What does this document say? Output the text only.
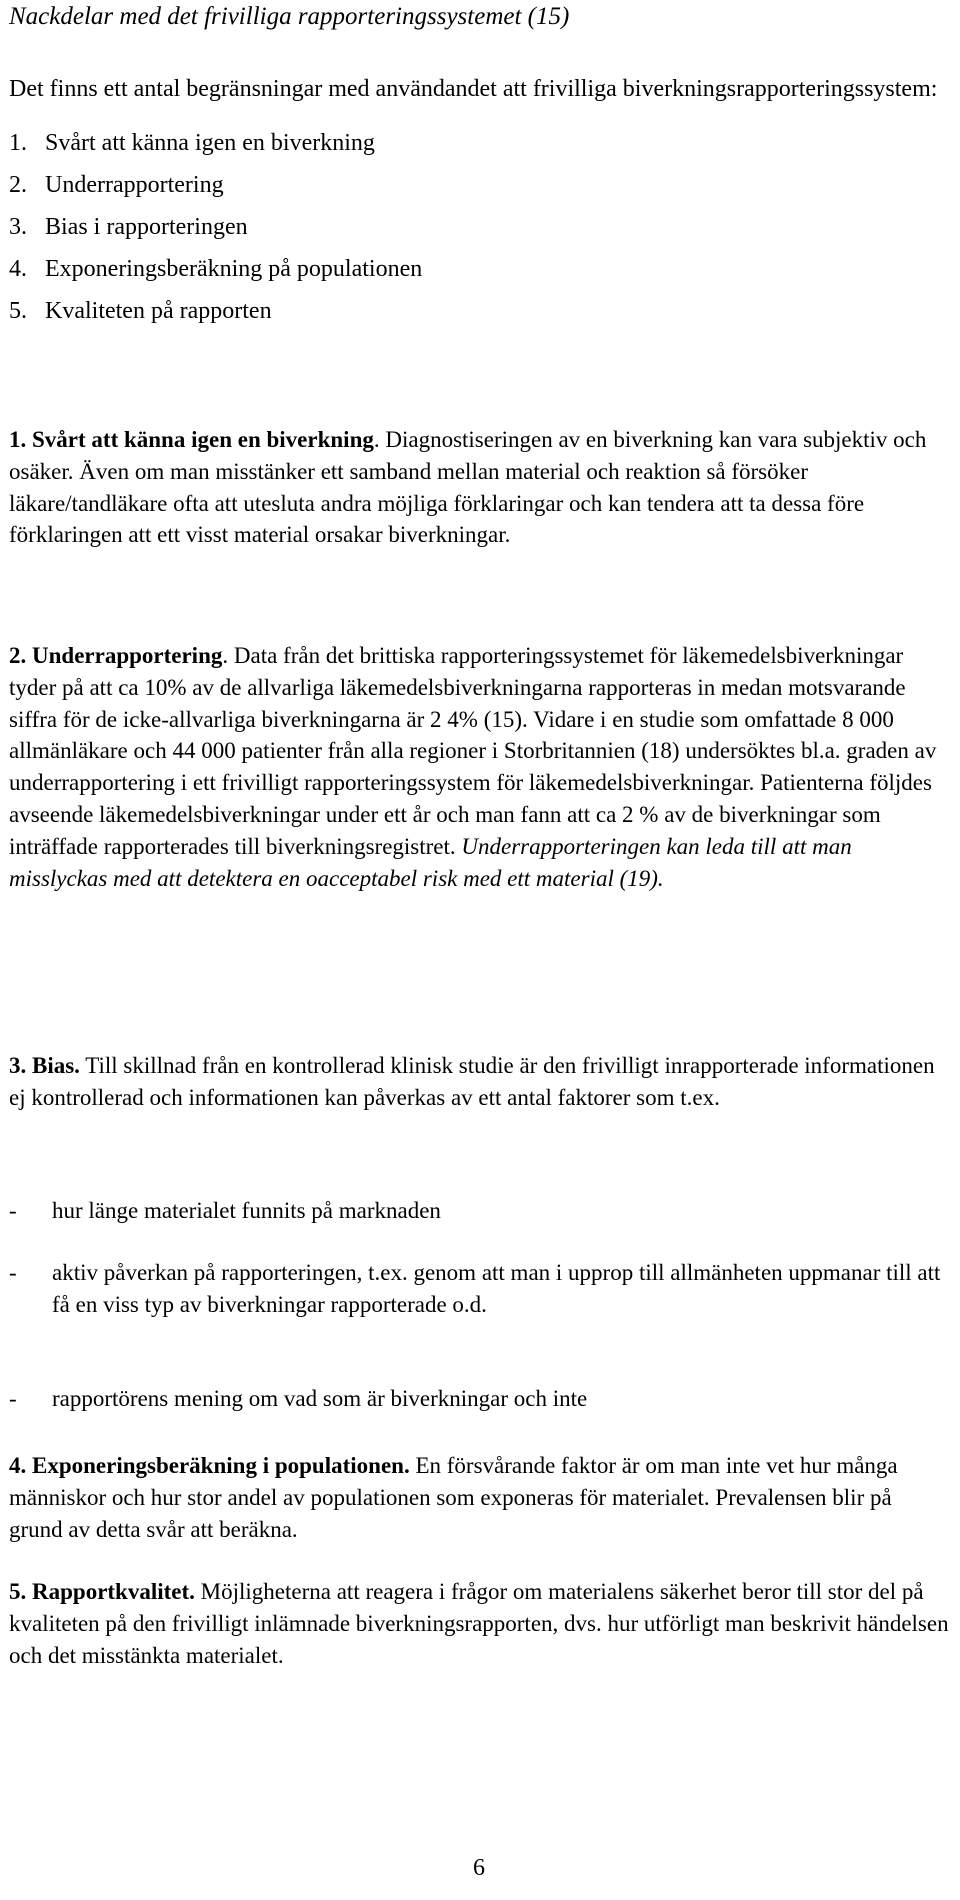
Nackdelar med det frivilliga rapporteringssystemet (15)
Det finns ett antal begränsningar med användandet att frivilliga biverkningsrapporteringssystem:
1. Svårt att känna igen en biverkning
2. Underrapportering
3. Bias i rapporteringen
4. Exponeringsberäkning på populationen
5. Kvaliteten på rapporten

1. Svårt att känna igen en biverkning. Diagnostiseringen av en biverkning kan vara subjektiv och osäker. Även om man misstänker ett samband mellan material och reaktion så försöker läkare/tandläkare ofta att utesluta andra möjliga förklaringar och kan tendera att ta dessa före förklaringen att ett visst material orsakar biverkningar.

2. Underrapportering. Data från det brittiska rapporteringssystemet för läkemedelsbiverkningar tyder på att ca 10% av de allvarliga läkemedelsbiverkningarna rapporteras in medan motsvarande siffra för de icke-allvarliga biverkningarna är 2 4% (15). Vidare i en studie som omfattade 8 000 allmänläkare och 44 000 patienter från alla regioner i Storbritannien (18) undersöktes bl.a. graden av underrapportering i ett frivilligt rapporteringssystem för läkemedelsbiverkningar. Patienterna följdes avseende läkemedelsbiverkningar under ett år och man fann att ca 2 % av de biverkningar som inträffade rapporterades till biverkningsregistret. Underrapporteringen kan leda till att man misslyckas med att detektera en oacceptabel risk med ett material (19).

3. Bias. Till skillnad från en kontrollerad klinisk studie är den frivilligt inrapporterade informationen ej kontrollerad och informationen kan påverkas av ett antal faktorer som t.ex.

- hur länge materialet funnits på marknaden
- aktiv påverkan på rapporteringen, t.ex. genom att man i upprop till allmänheten uppmanar till att få en viss typ av biverkningar rapporterade o.d.
- rapportörens mening om vad som är biverkningar och inte

4. Exponeringsberäkning i populationen. En försvårande faktor är om man inte vet hur många människor och hur stor andel av populationen som exponeras för materialet. Prevalensen blir på grund av detta svår att beräkna.

5. Rapportkvalitet. Möjligheterna att reagera i frågor om materialens säkerhet beror till stor del på kvaliteten på den frivilligt inlämnade biverkningsrapporten, dvs. hur utförligt man beskrivit händelsen och det misstänkta materialet.

6
